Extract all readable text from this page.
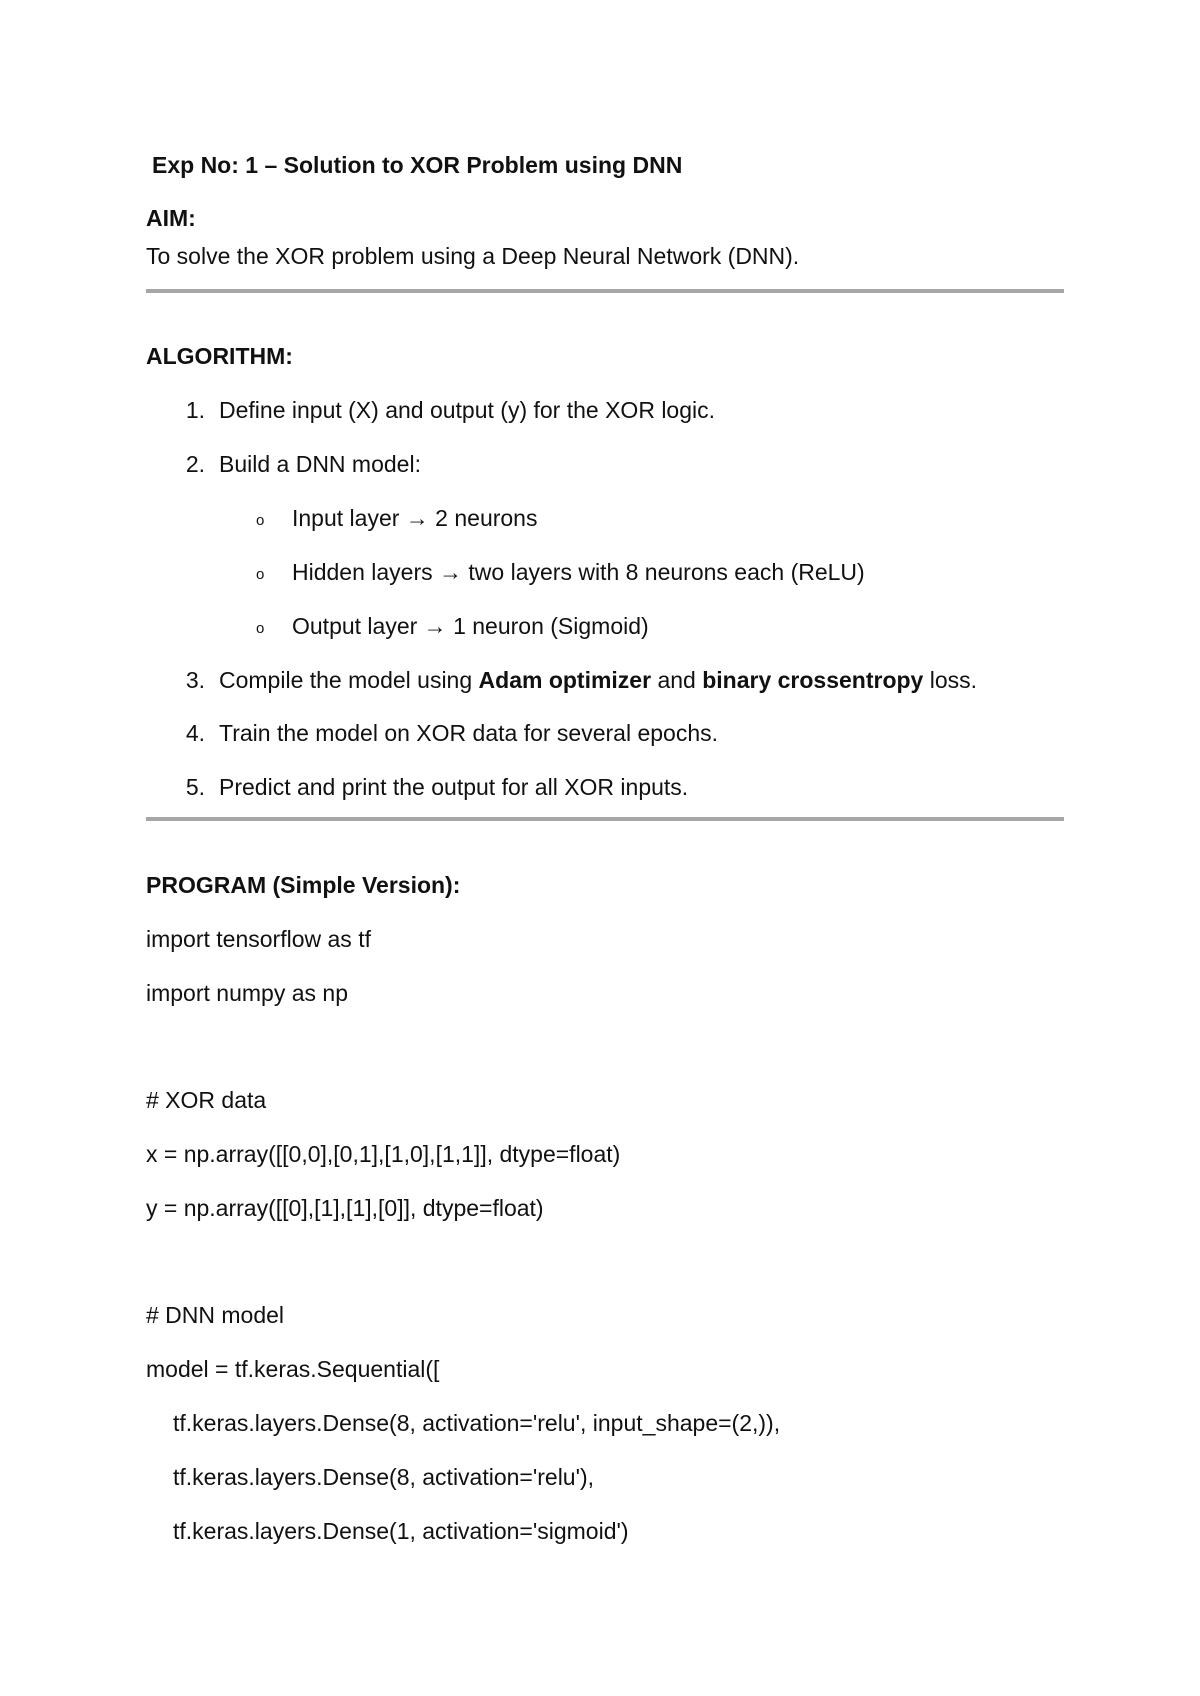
Exp No: 1 – Solution to XOR Problem using DNN
AIM:
To solve the XOR problem using a Deep Neural Network (DNN).
ALGORITHM:
1. Define input (X) and output (y) for the XOR logic.
2. Build a DNN model:
o Input layer → 2 neurons
o Hidden layers → two layers with 8 neurons each (ReLU)
o Output layer → 1 neuron (Sigmoid)
3. Compile the model using Adam optimizer and binary crossentropy loss.
4. Train the model on XOR data for several epochs.
5. Predict and print the output for all XOR inputs.
PROGRAM (Simple Version):
import tensorflow as tf
import numpy as np
# XOR data
x = np.array([[0,0],[0,1],[1,0],[1,1]], dtype=float)
y = np.array([[0],[1],[1],[0]], dtype=float)
# DNN model
model = tf.keras.Sequential([
tf.keras.layers.Dense(8, activation='relu', input_shape=(2,)),
tf.keras.layers.Dense(8, activation='relu'),
tf.keras.layers.Dense(1, activation='sigmoid')
